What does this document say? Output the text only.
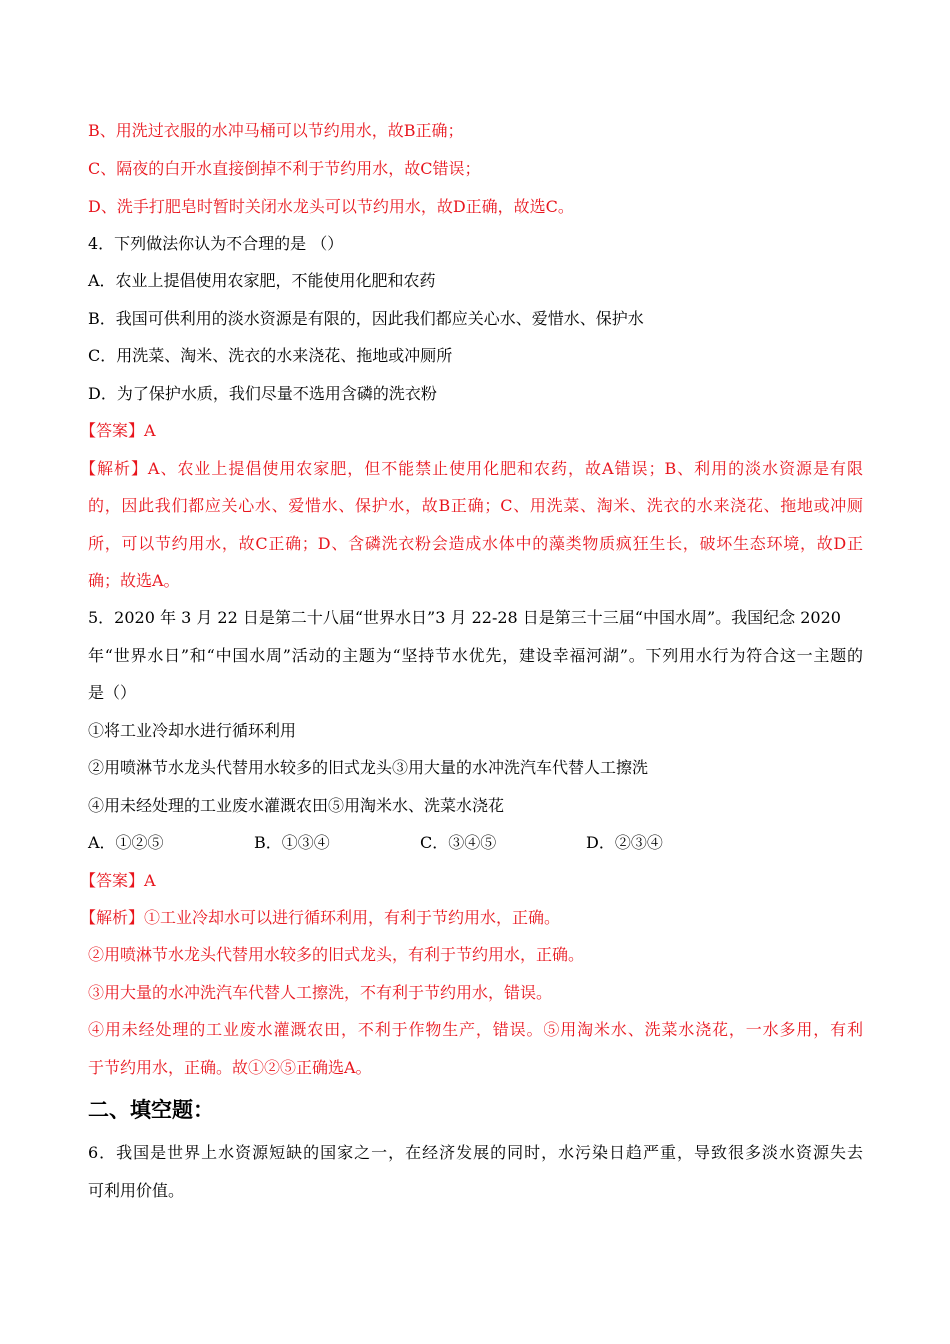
B、用洗过衣服的水冲马桶可以节约用水，故B正确；
C、隔夜的白开水直接倒掉不利于节约用水，故C错误；
D、洗手打肥皂时暂时关闭水龙头可以节约用水，故D正确，故选C。
4．下列做法你认为不合理的是 （）
A．农业上提倡使用农家肥，不能使用化肥和农药
B．我国可供利用的淡水资源是有限的，因此我们都应关心水、爱惜水、保护水
C．用洗菜、淘米、洗衣的水来浇花、拖地或冲厕所
D．为了保护水质，我们尽量不选用含磷的洗衣粉
【答案】A
【解析】A、农业上提倡使用农家肥，但不能禁止使用化肥和农药，故A错误；B、利用的淡水资源是有限
的，因此我们都应关心水、爱惜水、保护水，故B正确；C、用洗菜、淘米、洗衣的水来浇花、拖地或冲厕
所，可以节约用水，故C正确；D、含磷洗衣粉会造成水体中的藻类物质疯狂生长，破坏生态环境，故D正
确；故选A。
5．2020 年 3 月 22 日是第二十八届“世界水日”3 月 22-28 日是第三十三届“中国水周”。我国纪念 2020
年“世界水日”和“中国水周”活动的主题为“坚持节水优先，建设幸福河湖”。下列用水行为符合这一主题的
是（）
①将工业冷却水进行循环利用
②用喷淋节水龙头代替用水较多的旧式龙头③用大量的水冲洗汽车代替人工擦洗
④用未经处理的工业废水灌溉农田⑤用淘米水、洗菜水浇花
A．①②⑤	B．①③④	C．③④⑤	D．②③④
【答案】A
【解析】①工业冷却水可以进行循环利用，有利于节约用水，正确。
②用喷淋节水龙头代替用水较多的旧式龙头，有利于节约用水，正确。
③用大量的水冲洗汽车代替人工擦洗，不有利于节约用水，错误。
④用未经处理的工业废水灌溉农田，不利于作物生产，错误。⑤用淘米水、洗菜水浇花，一水多用，有利
于节约用水，正确。故①②⑤正确选A。
二、填空题：
6．我国是世界上水资源短缺的国家之一，在经济发展的同时，水污染日趋严重，导致很多淡水资源失去
可利用价值。
